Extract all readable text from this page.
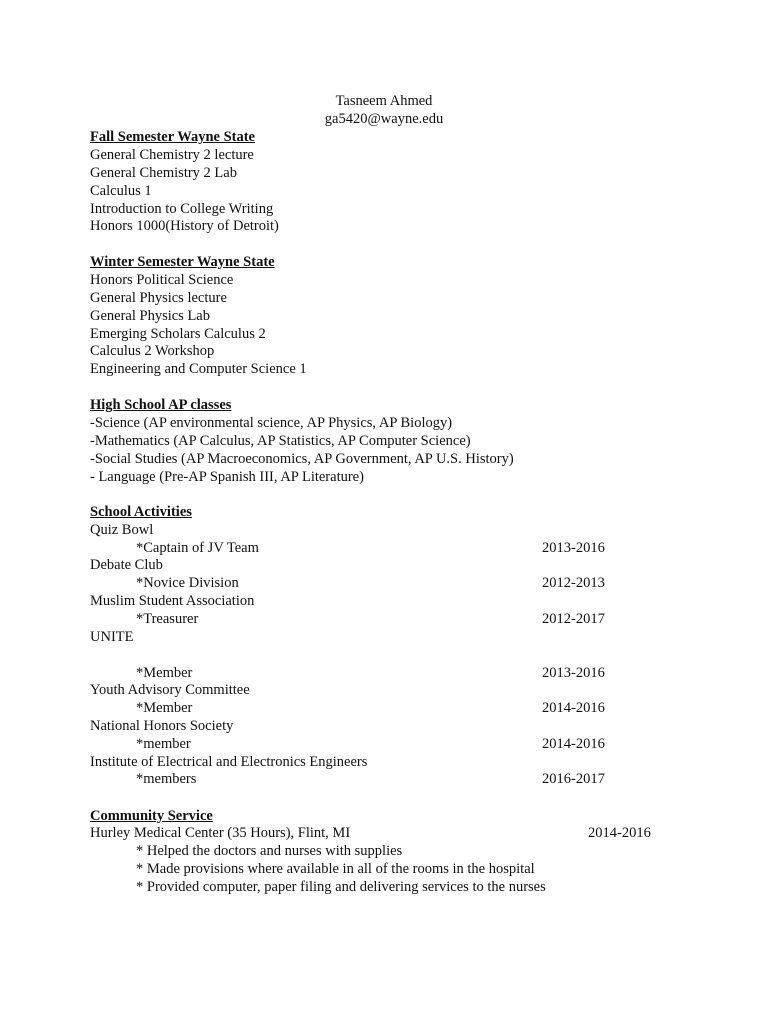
Tasneem Ahmed
ga5420@wayne.edu
Fall Semester Wayne State
General Chemistry 2 lecture
General Chemistry 2 Lab
Calculus 1
Introduction to College Writing
Honors 1000(History of Detroit)
Winter Semester Wayne State
Honors Political Science
General Physics lecture
General Physics Lab
Emerging Scholars Calculus 2
Calculus 2 Workshop
Engineering and Computer Science 1
High School AP classes
-Science (AP environmental science, AP Physics, AP Biology)
-Mathematics (AP Calculus, AP Statistics, AP Computer Science)
-Social Studies (AP Macroeconomics, AP Government, AP U.S. History)
- Language (Pre-AP Spanish III, AP Literature)
School Activities
Quiz Bowl
*Captain of JV Team	2013-2016
Debate Club
*Novice Division	2012-2013
Muslim Student Association
*Treasurer	2012-2017
UNITE
*Member	2013-2016
Youth Advisory Committee
*Member	2014-2016
National Honors Society
*member	2014-2016
Institute of Electrical and Electronics Engineers
*members	2016-2017
Community Service
Hurley Medical Center (35 Hours), Flint, MI	2014-2016
* Helped the doctors and nurses with supplies
* Made provisions where available in all of the rooms in the hospital
* Provided computer, paper filing and delivering services to the nurses
